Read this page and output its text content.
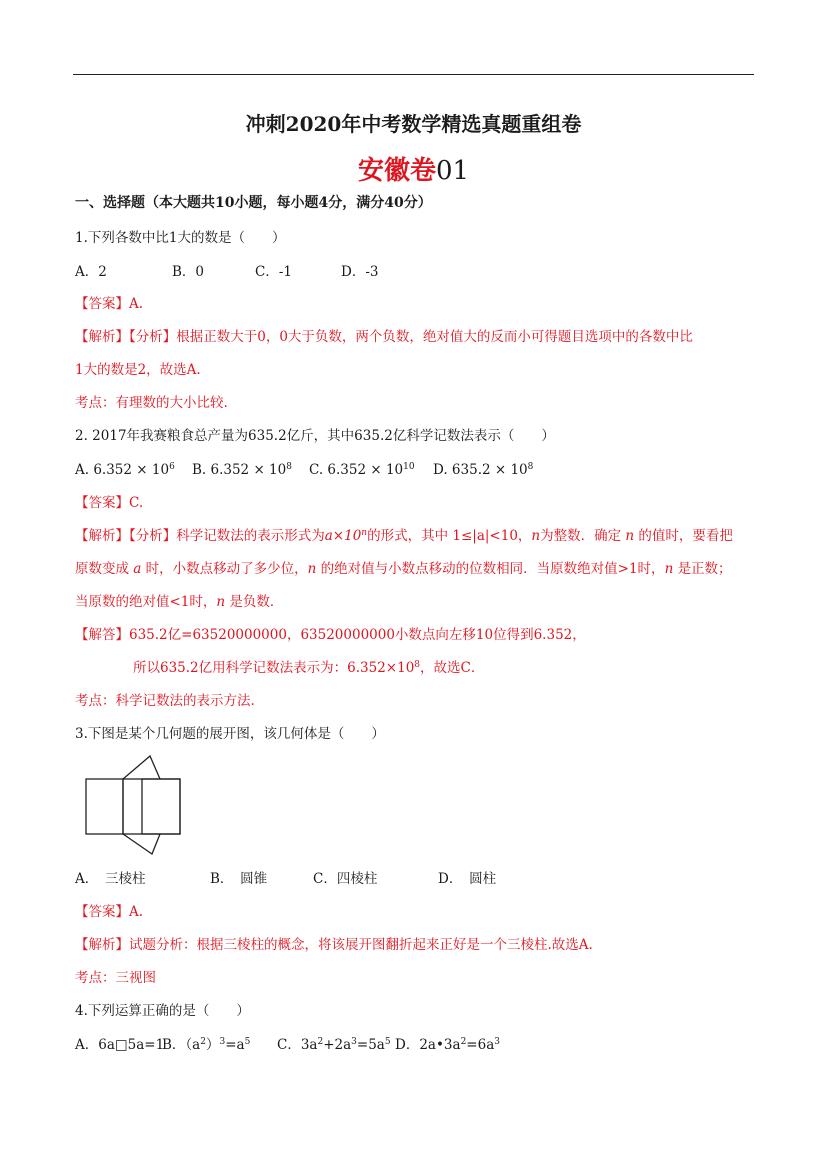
冲刺2020年中考数学精选真题重组卷
安徽卷01
一、选择题（本大题共10小题，每小题4分，满分40分）
1.下列各数中比1大的数是（　　）
A．2	B．0	C．-1	D．-3
【答案】A.
【解析】【分析】根据正数大于0，0大于负数，两个负数，绝对值大的反而小可得题目选项中的各数中比
1大的数是2，故选A.
考点：有理数的大小比较.
2. 2017年我赛粮食总产量为635.2亿斤，其中635.2亿科学记数法表示（　　）
A. $6.352 \times 10^6$ B. $6.352 \times 10^8$ C. $6.352 \times 10^{10}$ D. $635.2 \times 10^8$
【答案】C.
【解析】【分析】科学记数法的表示形式为$a\times 10^n$的形式，其中 1≤|a|<10，n为整数．确定 n 的值时，要看把
原数变成 a 时，小数点移动了多少位，n 的绝对值与小数点移动的位数相同．当原数绝对值>1时，n 是正数；
当原数的绝对值<1时，n 是负数．
【解答】635.2亿=63520000000，63520000000小数点向左移10位得到6.352，
所以635.2亿用科学记数法表示为：$6.352\times 10^8$，故选C．
考点：科学记数法的表示方法.
3.下图是某个几何题的展开图，该几何体是（　　）
A．　三棱柱	B．　圆锥	C．四棱柱	D．　圆柱
【答案】A.
【解析】试题分析：根据三棱柱的概念，将该展开图翻折起来正好是一个三棱柱.故选A.
考点：三视图
4.下列运算正确的是（　　）
A．6a□5a=1B．$(a^2)^3=a^5$ C．$3a^2+2a^3=5a^5$ D．$2a•3a^2=6a^3$
